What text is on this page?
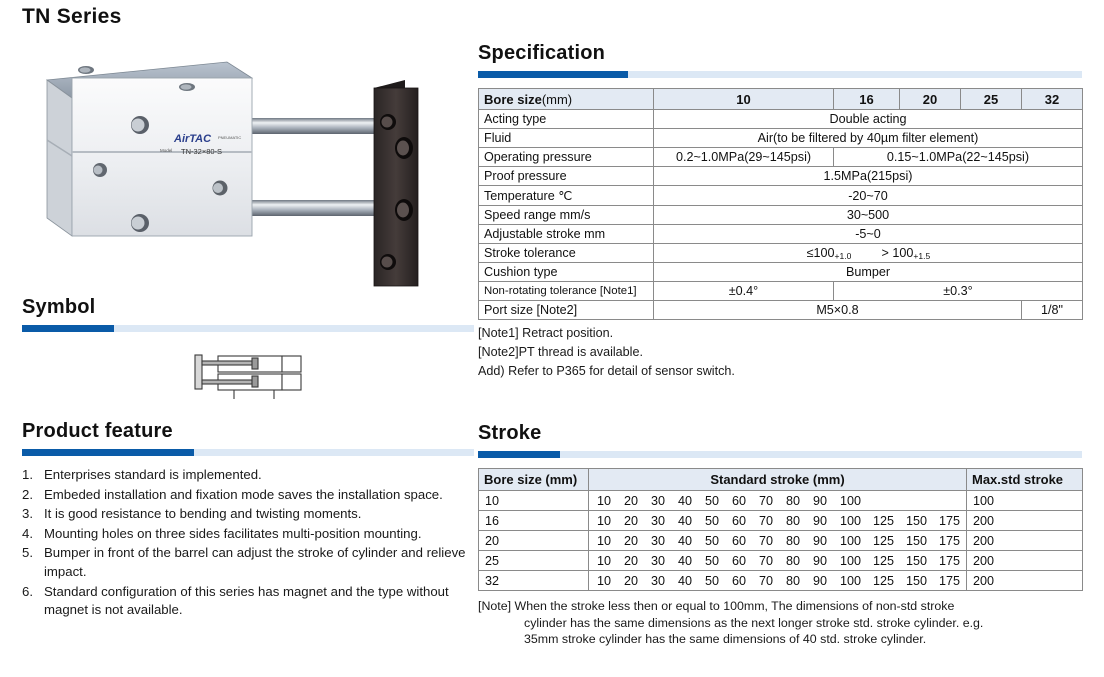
TN Series
AirTAC PNEUMATIC
Model TN-32×80-S
Symbol
Product feature
1. Enterprises standard is implemented.
2. Embeded installation and fixation mode saves the installation space.
3. It is good resistance to bending and twisting moments.
4. Mounting holes on three sides facilitates multi-position mounting.
5. Bumper in front of the barrel can adjust the stroke of cylinder and relieve impact.
6. Standard configuration of this series has magnet and the type without magnet is not available.
Specification
Bore size(mm)	10	16	20	25	32
Acting type	Double acting				
Fluid	Air(to be filtered by 40µm filter element)				
Operating pressure	0.2~1.0MPa(29~145psi)	0.15~1.0MPa(22~145psi)			
Proof pressure	1.5MPa(215psi)				
Temperature ℃	-20~70				
Speed range mm/s	30~500				
Adjustable stroke mm	-5~0				
Stroke tolerance	≤100 +1.0 > 100 +1.5

Cushion type	Bumper				
Non-rotating tolerance [Note1]	±0.4°	±0.3°			
Port size [Note2]	M5×0.8				1/8"

[Note1] Retract position.

[Note2]PT thread is available.

Add) Refer to P365 for detail of sensor switch.

Stroke
Bore size (mm)	Standard stroke (mm)	Max.std stroke
10	10 20 30 40 50 60 70 80 90 100	100
16	10 20 30 40 50 60 70 80 90 100 125 150 175	200
20	10 20 30 40 50 60 70 80 90 100 125 150 175	200
25	10 20 30 40 50 60 70 80 90 100 125 150 175	200
32	10 20 30 40 50 60 70 80 90 100 125 150 175	200

[Note] When the stroke less then or equal to 100mm, The dimensions of non-std stroke

cylinder has the same dimensions as the next longer stroke std. stroke cylinder. e.g.

35mm stroke cylinder has the same dimensions of 40 std. stroke cylinder.
